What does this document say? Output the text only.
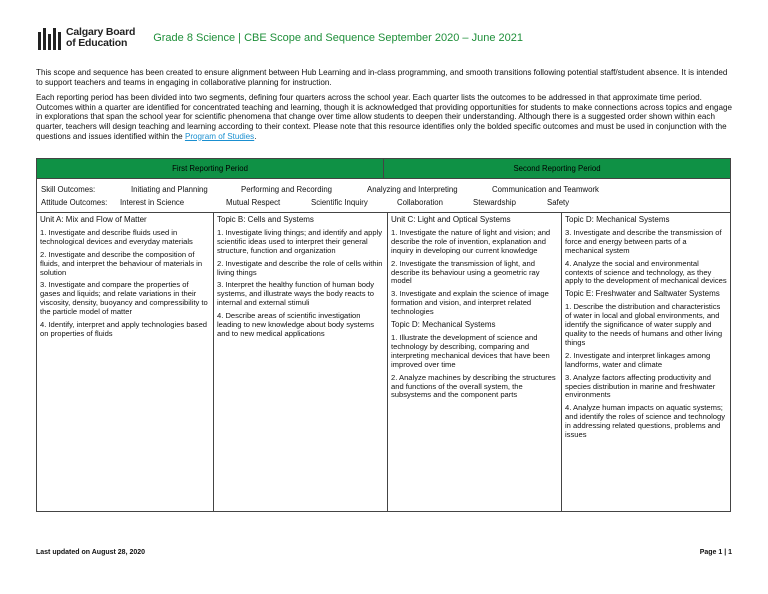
Calgary Board
of Education	Grade 8 Science | CBE Scope and Sequence September 2020 – June 2021

This scope and sequence has been created to ensure alignment between Hub Learning and in-class programming, and smooth transitions following potential staff/student absence. It is intended to support teachers and teams in engaging in collaborative planning for instruction.

Each reporting period has been divided into two segments, defining four quarters across the school year. Each quarter lists the outcomes to be addressed in that approximate time period. Outcomes within a quarter are identified for concentrated teaching and learning, though it is acknowledged that providing opportunities for students to make connections across topics and engage in explorations that span the school year for scientific phenomena that change over time allow students to deepen their understanding. Although there is a suggested order shown within each quarter, teachers will design teaching and learning according to their context. Please note that this resource identifies only the bolded specific outcomes and must be used in conjunction with the questions and issues identified within the Program of Studies.

First Reporting Period	Second Reporting Period
Skill Outcomes:	Initiating and Planning	Performing and Recording	Analyzing and Interpreting	Communication and Teamwork
Attitude Outcomes: Interest in Science	Mutual Respect	Scientific Inquiry	Collaboration	Stewardship	Safety
Unit A: Mix and Flow of Matter
1. Investigate and describe fluids used in technological devices and everyday materials
2. Investigate and describe the composition of fluids, and interpret the behaviour of materials in solution
3. Investigate and compare the properties of gases and liquids; and relate variations in their viscosity, density, buoyancy and compressibility to the particle model of matter
4. Identify, interpret and apply technologies based on properties of fluids
Topic B: Cells and Systems
1. Investigate living things; and identify and apply scientific ideas used to interpret their general structure, function and organization
2. Investigate and describe the role of cells within living things
3. Interpret the healthy function of human body systems, and illustrate ways the body reacts to internal and external stimuli
4. Describe areas of scientific investigation leading to new knowledge about body systems and to new medical applications
Unit C: Light and Optical Systems
1. Investigate the nature of light and vision; and describe the role of invention, explanation and inquiry in developing our current knowledge
2. Investigate the transmission of light, and describe its behaviour using a geometric ray model
3. Investigate and explain the science of image formation and vision, and interpret related technologies
Topic D: Mechanical Systems
1. Illustrate the development of science and technology by describing, comparing and interpreting mechanical devices that have been improved over time
2. Analyze machines by describing the structures and functions of the overall system, the subsystems and the component parts
Topic D: Mechanical Systems
3. Investigate and describe the transmission of force and energy between parts of a mechanical system
4. Analyze the social and environmental contexts of science and technology, as they apply to the development of mechanical devices
Topic E: Freshwater and Saltwater Systems
1. Describe the distribution and characteristics of water in local and global environments, and identify the significance of water supply and quality to the needs of humans and other living things
2. Investigate and interpret linkages among landforms, water and climate
3. Analyze factors affecting productivity and species distribution in marine and freshwater environments
4. Analyze human impacts on aquatic systems; and identify the roles of science and technology in addressing related questions, problems and issues
Last updated on August 28, 2020	Page 1 | 1
